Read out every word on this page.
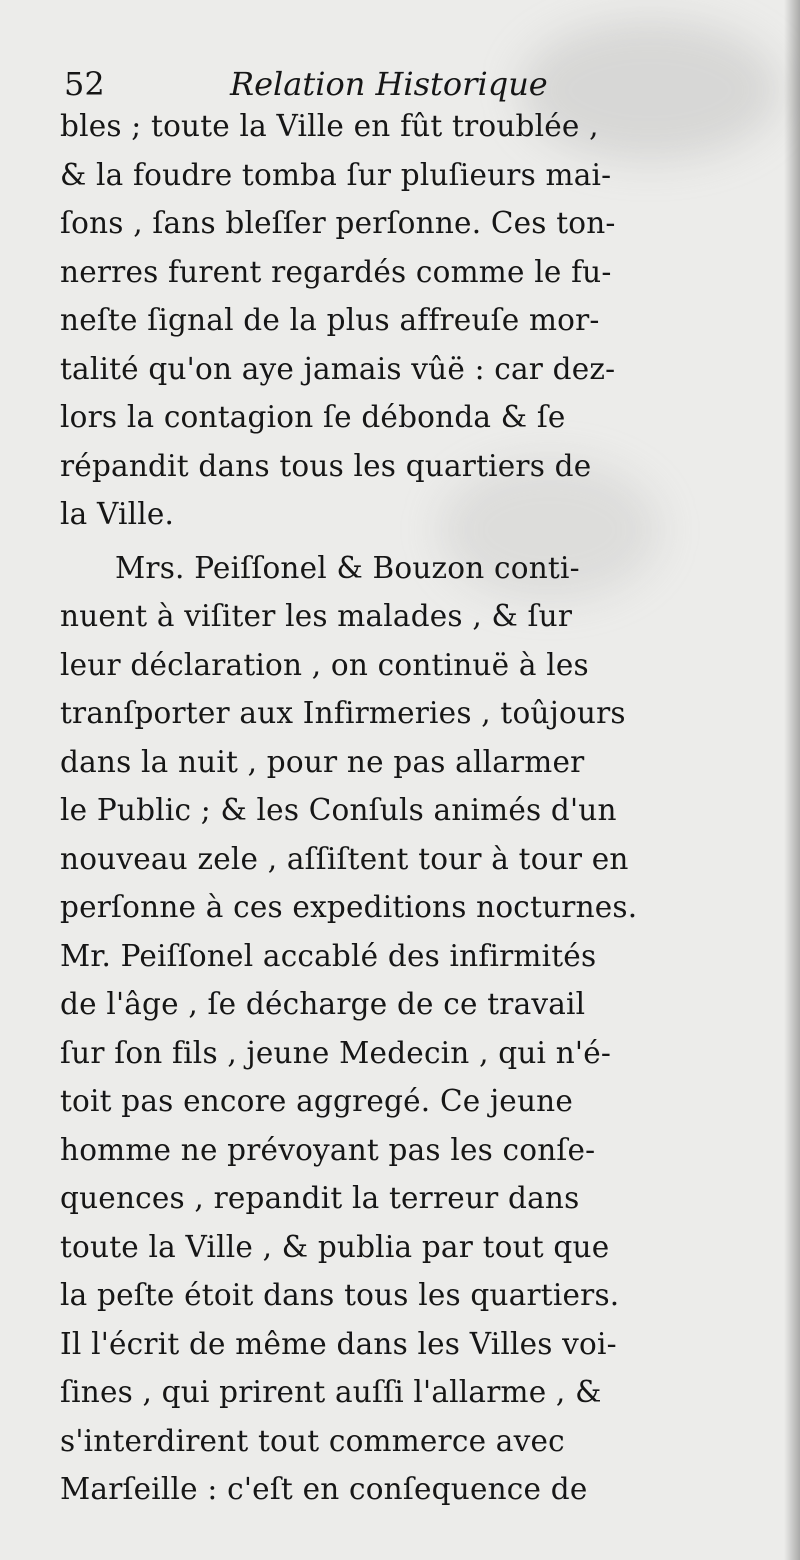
52	Relation Historique
bles ; toute la Ville en fût troublée ,
& la foudre tomba ſur pluſieurs mai-
ſons , ſans bleſſer perſonne. Ces ton-
nerres furent regardés comme le fu-
neſte ſignal de la plus affreuſe mor-
talité qu'on aye jamais vûë : car dez-
lors la contagion ſe débonda & ſe
répandit dans tous les quartiers de
la Ville.
Mrs. Peiſſonel & Bouzon conti-
nuent à viſiter les malades , & ſur
leur déclaration , on continuë à les
tranſporter aux Infirmeries , toûjours
dans la nuit , pour ne pas allarmer
le Public ; & les Conſuls animés d'un
nouveau zele , aſſiſtent tour à tour en
perſonne à ces expeditions nocturnes.
Mr. Peiſſonel accablé des infirmités
de l'âge , ſe décharge de ce travail
ſur ſon fils , jeune Medecin , qui n'é-
toit pas encore aggregé. Ce jeune
homme ne prévoyant pas les conſe-
quences , repandit la terreur dans
toute la Ville , & publia par tout que
la peſte étoit dans tous les quartiers.
Il l'écrit de même dans les Villes voi-
ſines , qui prirent auſſi l'allarme , &
s'interdirent tout commerce avec
Marſeille : c'eſt en conſequence de
